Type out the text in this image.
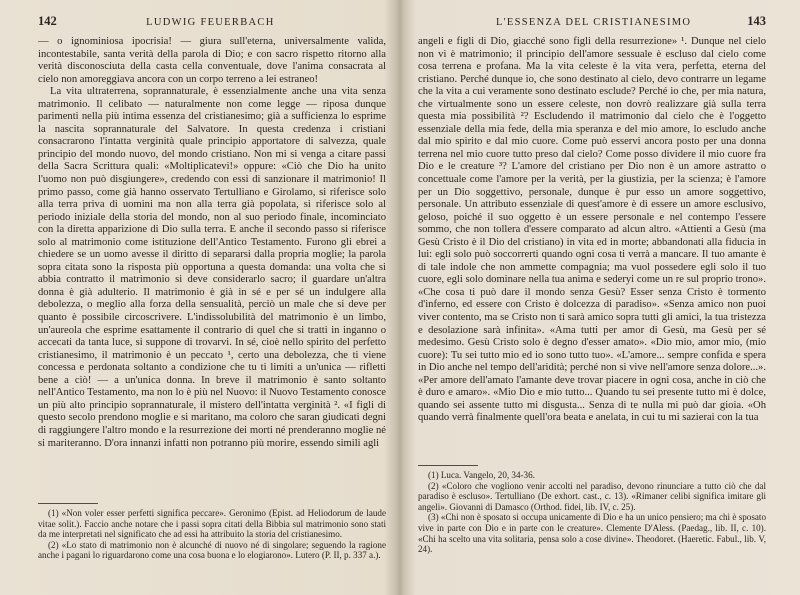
142	LUDWIG FEUERBACH

— o ignominiosa ipocrisia! — giura sull'eterna, universalmente valida, incontestabile, santa verità della parola di Dio; e con sacro rispetto ritorno alla verità disconosciuta della casta cella conventuale, dove l'anima consacrata al cielo non amoreggiava ancora con un corpo terreno a lei estraneo!

La vita ultraterrena, soprannaturale, è essenzialmente anche una vita senza matrimonio. Il celibato — naturalmente non come legge — riposa dunque parimenti nella più intima essenza del cristianesimo; già a sufficienza lo esprime la nascita soprannaturale del Salvatore. In questa credenza i cristiani consacrarono l'intatta verginità quale principio apportatore di salvezza, quale principio del mondo nuovo, del mondo cristiano. Non mi si venga a citare passi della Sacra Scrittura quali: «Moltiplicatevi!» oppure: «Ciò che Dio ha unito l'uomo non può disgiungere», credendo con essi di sanzionare il matrimonio! Il primo passo, come già hanno osservato Tertulliano e Girolamo, si riferisce solo alla terra priva di uomini ma non alla terra già popolata, si riferisce solo al periodo iniziale della storia del mondo, non al suo periodo finale, incominciato con la diretta apparizione di Dio sulla terra. E anche il secondo passo si riferisce solo al matrimonio come istituzione dell'Antico Testamento. Furono gli ebrei a chiedere se un uomo avesse il diritto di separarsi dalla propria moglie; la parola sopra citata sono la risposta più opportuna a questa domanda: una volta che si abbia contratto il matrimonio si deve considerarlo sacro; il guardare un'altra donna è già adulterio. Il matrimonio è già in sé e per sé un indulgere alla debolezza, o meglio alla forza della sensualità, perciò un male che si deve per quanto è possibile circoscrivere. L'indissolubilità del matrimonio è un limbo, un'aureola che esprime esattamente il contrario di quel che si tratti in inganno o accecati da tanta luce, si suppone di trovarvi. In sé, cioè nello spirito del perfetto cristianesimo, il matrimonio è un peccato ¹, certo una debolezza, che ti viene concessa e perdonata soltanto a condizione che tu ti limiti a un'unica — rifletti bene a ciò! — a un'unica donna. In breve il matrimonio è santo soltanto nell'Antico Testamento, ma non lo è più nel Nuovo: il Nuovo Testamento conosce un più alto principio soprannaturale, il mistero dell'intatta verginità ². «I figli di questo secolo prendono moglie e si maritano, ma coloro che saran giudicati degni di raggiungere l'altro mondo e la resurrezione dei morti né prenderanno moglie né si mariteranno. D'ora innanzi infatti non potranno più morire, essendo simili agli

(1) «Non voler esser perfetti significa peccare». Geronimo (Epist. ad Heliodorum de laude vitae solit.). Faccio anche notare che i passi sopra citati della Bibbia sul matrimonio sono stati da me interpretati nel significato che ad essi ha attribuito la storia del cristianesimo.

(2) «Lo stato di matrimonio non è alcunché di nuovo né di singolare; seguendo la ragione anche i pagani lo riguardarono come una cosa buona e lo elogiarono». Lutero (P. II, p. 337 a.).

L'ESSENZA DEL CRISTIANESIMO	143

angeli e figli di Dio, giacché sono figli della resurrezione» ¹. Dunque nel cielo non vi è matrimonio; il principio dell'amore sessuale è escluso dal cielo come cosa terrena e profana. Ma la vita celeste è la vita vera, perfetta, eterna del cristiano. Perché dunque io, che sono destinato al cielo, devo contrarre un legame che la vita a cui veramente sono destinato esclude? Perché io che, per mia natura, che virtualmente sono un essere celeste, non dovrò realizzare già sulla terra questa mia possibilità ²? Escludendo il matrimonio dal cielo che è l'oggetto essenziale della mia fede, della mia speranza e del mio amore, lo escludo anche dal mio spirito e dal mio cuore. Come può esservi ancora posto per una donna terrena nel mio cuore tutto preso dal cielo? Come posso dividere il mio cuore fra Dio e le creature ³? L'amore del cristiano per Dio non è un amore astratto o concettuale come l'amore per la verità, per la giustizia, per la scienza; è l'amore per un Dio soggettivo, personale, dunque è pur esso un amore soggettivo, personale. Un attributo essenziale di quest'amore è di essere un amore esclusivo, geloso, poiché il suo oggetto è un essere personale e nel contempo l'essere sommo, che non tollera d'essere comparato ad alcun altro. «Attienti a Gesù (ma Gesù Cristo è il Dio del cristiano) in vita ed in morte; abbandonati alla fiducia in lui: egli solo può soccorrerti quando ogni cosa ti verrà a mancare. Il tuo amante è di tale indole che non ammette compagnia; ma vuol possedere egli solo il tuo cuore, egli solo dominare nella tua anima e sederyi come un re sul proprio trono». «Che cosa ti può dare il mondo senza Gesù? Esser senza Cristo è tormento d'inferno, ed essere con Cristo è dolcezza di paradiso». «Senza amico non puoi viver contento, ma se Cristo non ti sarà amico sopra tutti gli amici, la tua tristezza e desolazione sarà infinita». «Ama tutti per amor di Gesù, ma Gesù per sé medesimo. Gesù Cristo solo è degno d'esser amato». «Dio mio, amor mio, (mio cuore): Tu sei tutto mio ed io sono tutto tuo». «L'amore... sempre confida e spera in Dio anche nel tempo dell'aridità; perché non si vive nell'amore senza dolore...». «Per amore dell'amato l'amante deve trovar piacere in ogni cosa, anche in ciò che è duro e amaro». «Mio Dio e mio tutto... Quando tu sei presente tutto mi è dolce, quando sei assente tutto mi disgusta... Senza di te nulla mi può dar gioia. «Oh quando verrà finalmente quell'ora beata e anelata, in cui tu mi sazierai con la tua

(1) Luca. Vangelo, 20, 34-36.

(2) «Coloro che vogliono venir accolti nel paradiso, devono rinunciare a tutto ciò che dal paradiso è escluso». Tertulliano (De exhort. cast., c. 13). «Rimaner celibi significa imitare gli angeli». Giovanni di Damasco (Orthod. fidei, lib. IV, c. 25).

(3) «Chi non è sposato si occupa unicamente di Dio e ha un unico pensiero; ma chi è sposato vive in parte con Dio e in parte con le creature». Clemente D'Aless. (Paedag., lib. II, c. 10). «Chi ha scelto una vita solitaria, pensa solo a cose divine». Theodoret. (Haeretic. Fabul., lib. V, 24).
